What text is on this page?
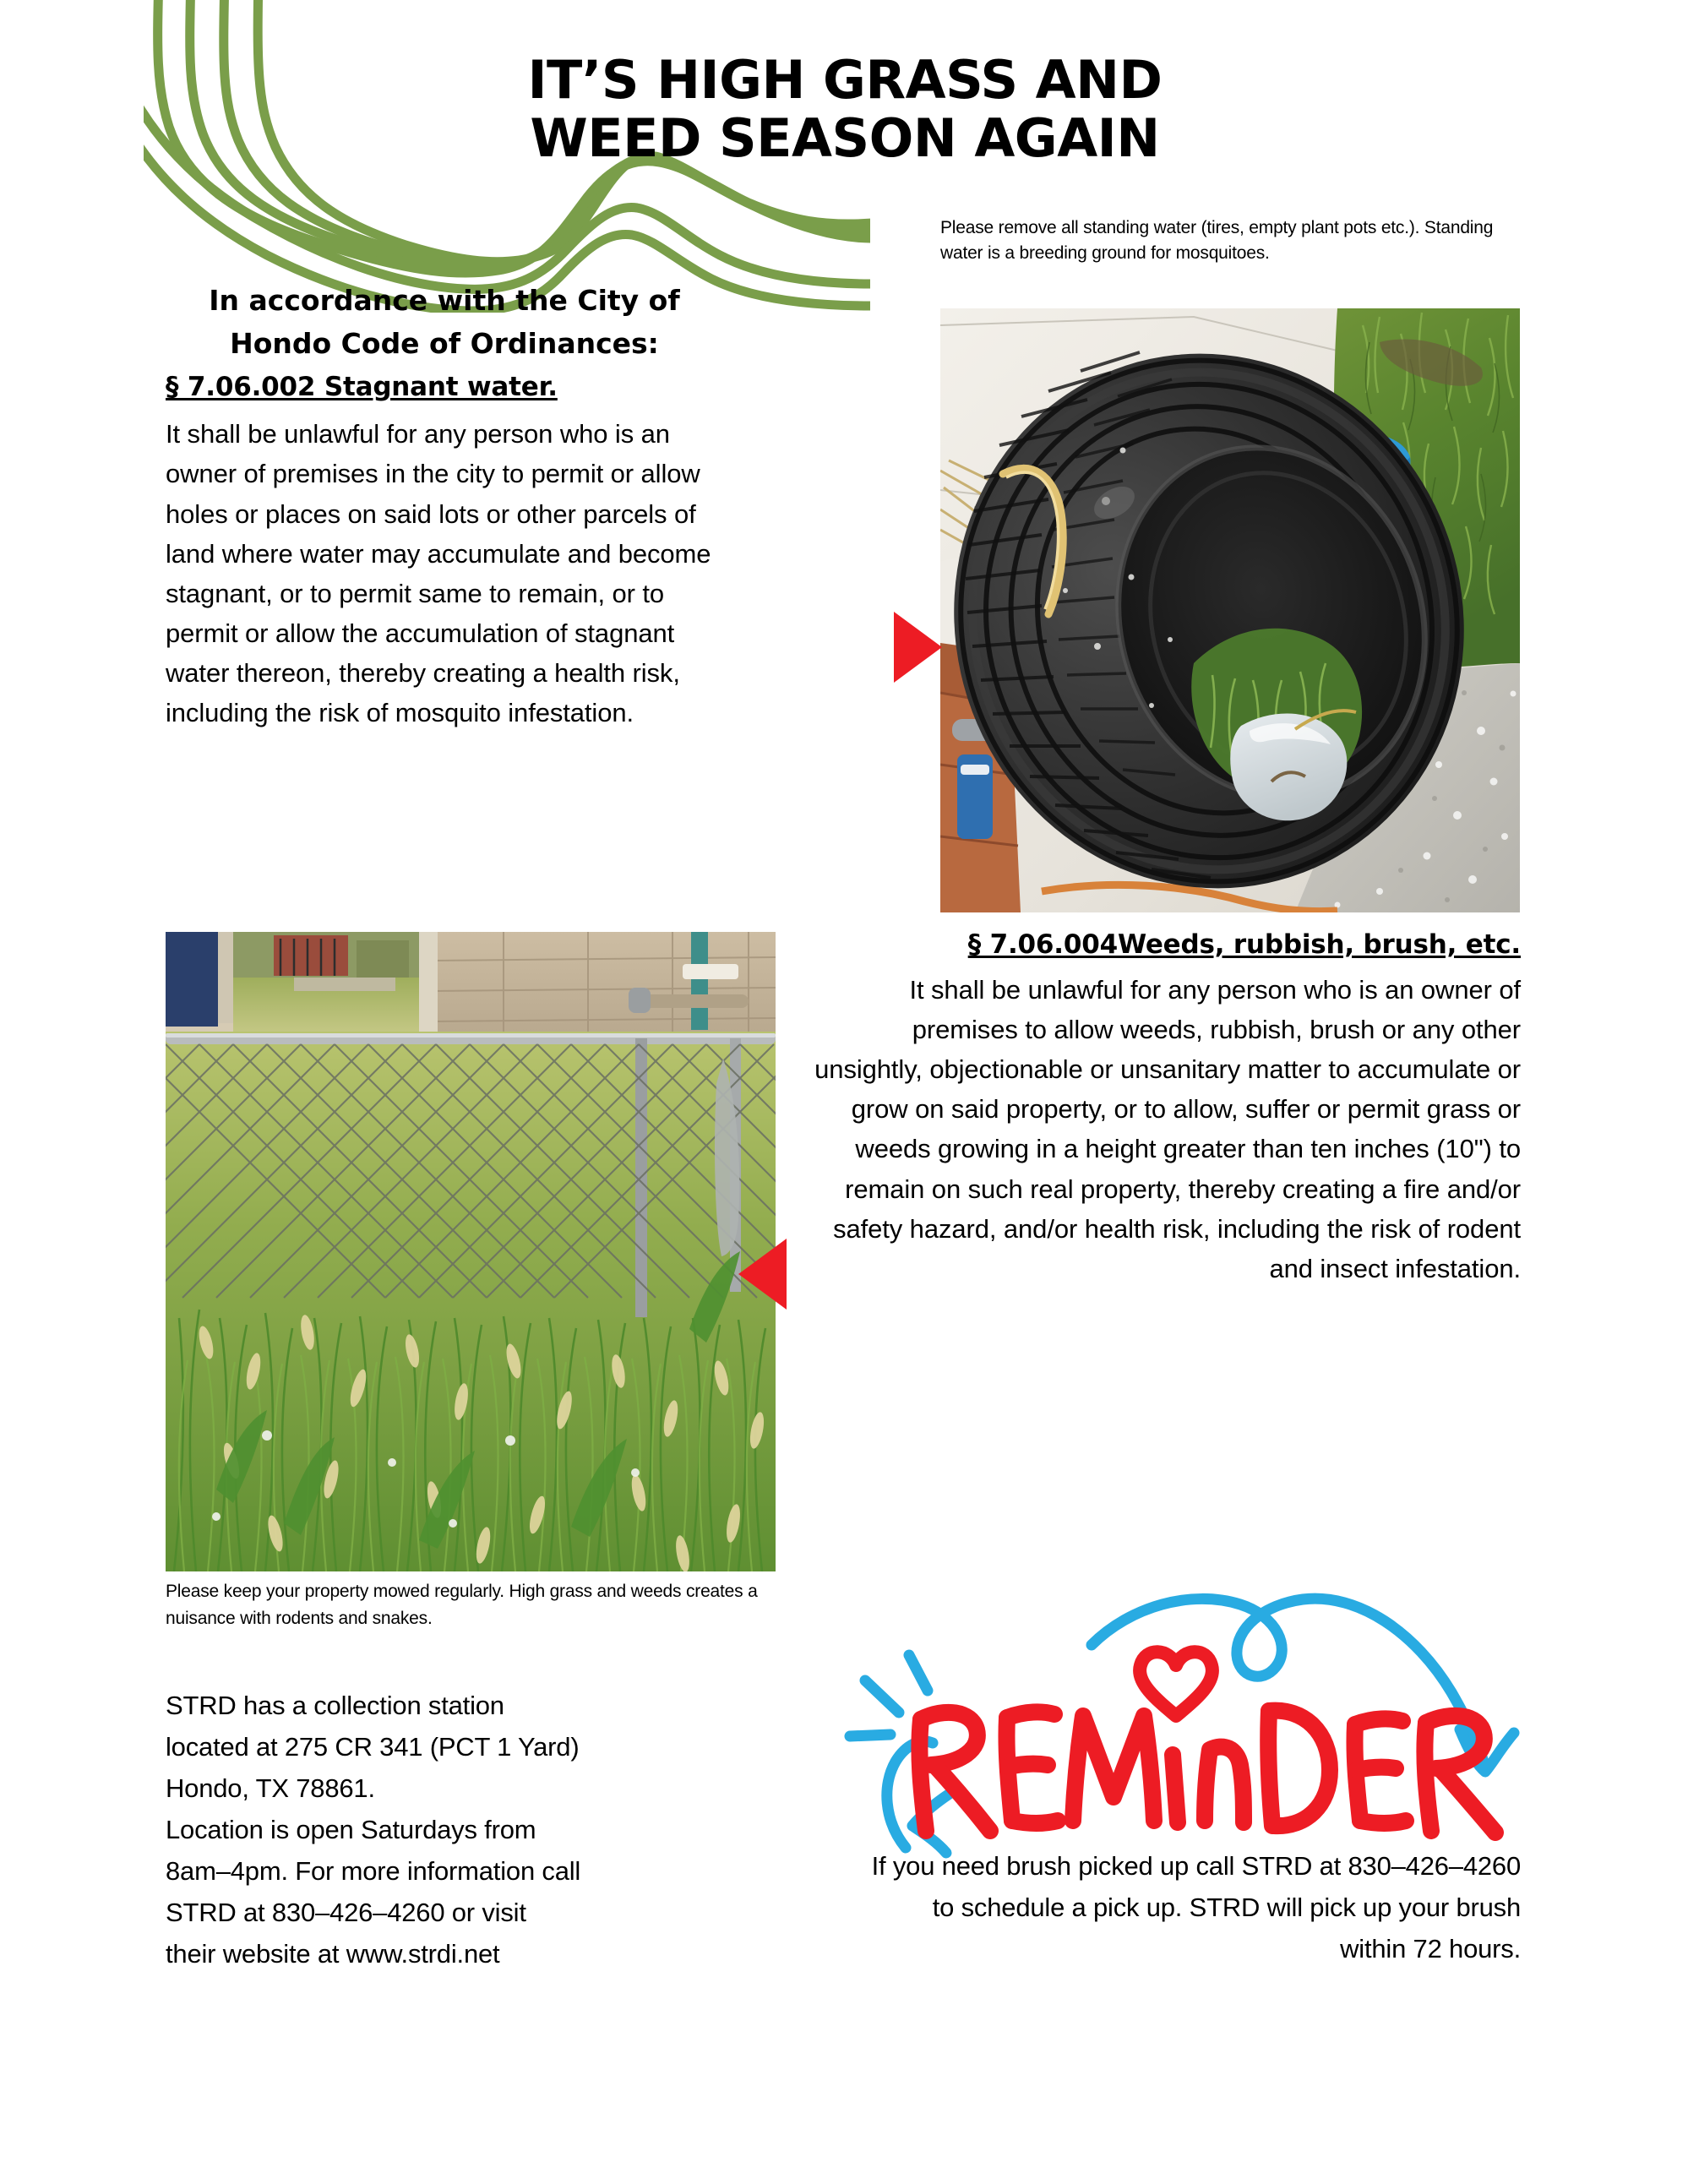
IT’S HIGH GRASS AND
WEED SEASON AGAIN
Please remove all standing water (tires, empty plant pots etc.). Standing water is a breeding ground for mosquitoes.
In accordance with the City of
Hondo Code of Ordinances:
§ 7.06.002 Stagnant water.
It shall be unlawful for any person who is an owner of premises in the city to permit or allow holes or places on said lots or other parcels of land where water may accumulate and become stagnant, or to permit same to remain, or to permit or allow the accumulation of stagnant water thereon, thereby creating a health risk, including the risk of mosquito infestation.
Please keep your property mowed regularly. High grass and weeds creates a nuisance with rodents and snakes.
§ 7.06.004Weeds, rubbish, brush, etc.
It shall be unlawful for any person who is an owner of premises to allow weeds, rubbish, brush or any other unsightly, objectionable or unsanitary matter to accumulate or grow on said property, or to allow, suffer or permit grass or weeds growing in a height greater than ten inches (10") to remain on such real property, thereby creating a fire and/or safety hazard, and/or health risk, including the risk of rodent and insect infestation.
STRD has a collection station
located at 275 CR 341 (PCT 1 Yard)
Hondo, TX 78861.
Location is open Saturdays from
8am–4pm. For more information call
STRD at 830–426–4260 or visit
their website at www.strdi.net
If you need brush picked up call STRD at 830–426–4260 to schedule a pick up. STRD will pick up your brush within 72 hours.
